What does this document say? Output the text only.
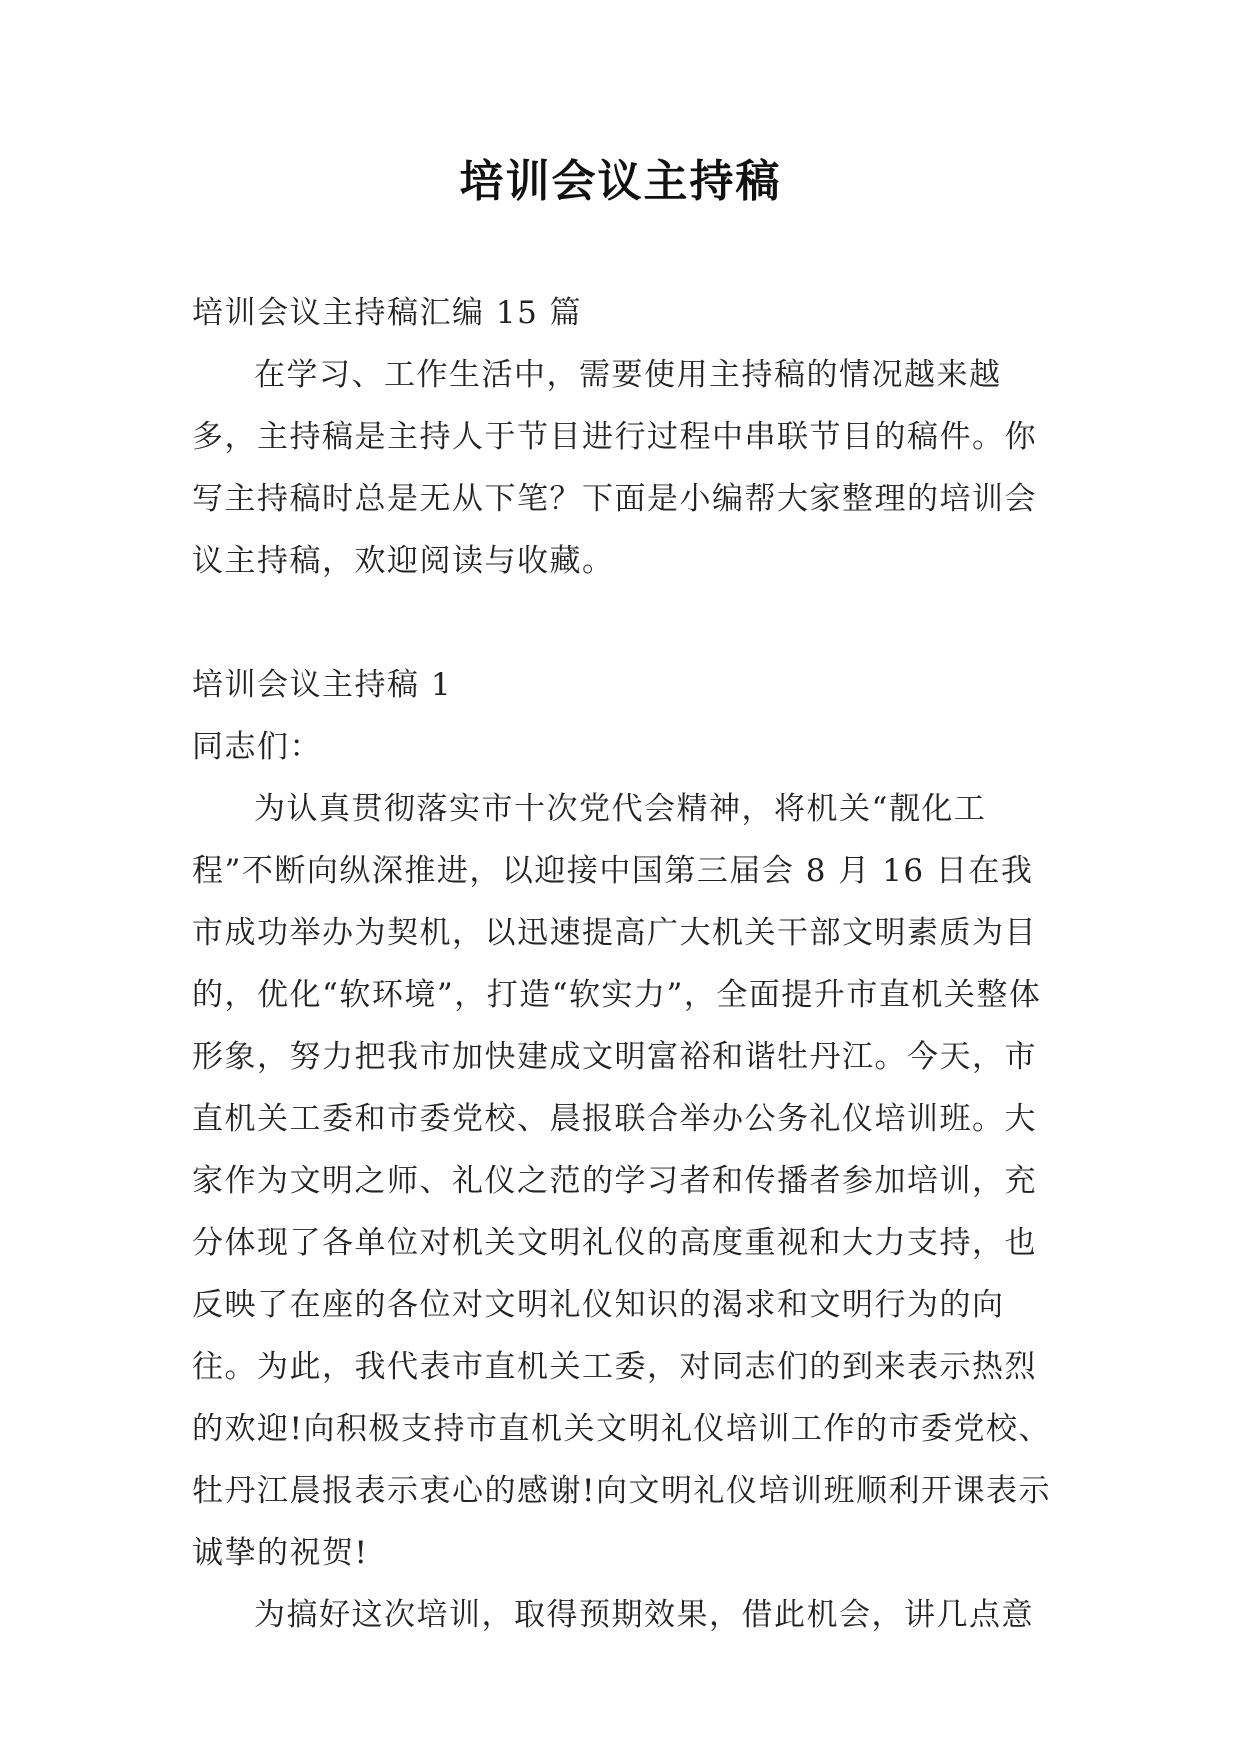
培训会议主持稿

培训会议主持稿汇编 15 篇

在学习、工作生活中，需要使用主持稿的情况越来越多，主持稿是主持人于节目进行过程中串联节目的稿件。你写主持稿时总是无从下笔？下面是小编帮大家整理的培训会议主持稿，欢迎阅读与收藏。

培训会议主持稿 1

同志们：

为认真贯彻落实市十次党代会精神，将机关“靓化工程”不断向纵深推进，以迎接中国第三届会 8 月 16 日在我市成功举办为契机，以迅速提高广大机关干部文明素质为目的，优化“软环境”，打造“软实力”，全面提升市直机关整体形象，努力把我市加快建成文明富裕和谐牡丹江。今天，市直机关工委和市委党校、晨报联合举办公务礼仪培训班。大家作为文明之师、礼仪之范的学习者和传播者参加培训，充分体现了各单位对机关文明礼仪的高度重视和大力支持，也反映了在座的各位对文明礼仪知识的渴求和文明行为的向往。为此，我代表市直机关工委，对同志们的到来表示热烈的欢迎!向积极支持市直机关文明礼仪培训工作的市委党校、牡丹江晨报表示衷心的感谢!向文明礼仪培训班顺利开课表示诚挚的祝贺!

为搞好这次培训，取得预期效果，借此机会，讲几点意
